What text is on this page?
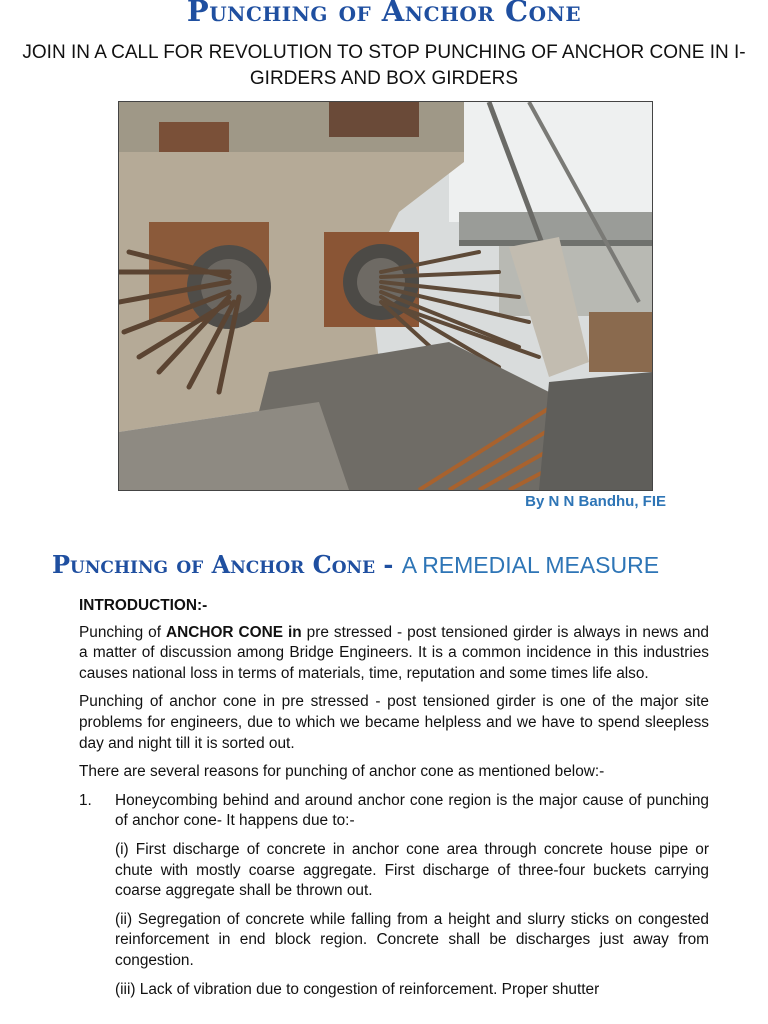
Punching of Anchor Cone

JOIN IN A CALL FOR REVOLUTION TO STOP PUNCHING OF ANCHOR CONE IN I-GIRDERS AND BOX GIRDERS

By N N Bandhu, FIE
Punching of Anchor Cone - A REMEDIAL MEASURE

INTRODUCTION:-

Punching of ANCHOR CONE in pre stressed - post tensioned girder is always in news and a matter of discussion among Bridge Engineers. It is a common incidence in this industries causes national loss in terms of materials, time, reputation and some times life also.

Punching of anchor cone in pre stressed - post tensioned girder is one of the major site problems for engineers, due to which we became helpless and we have to spend sleepless day and night till it is sorted out.

There are several reasons for punching of anchor cone as mentioned below:-

1.	Honeycombing behind and around anchor cone region is the major cause of punching of anchor cone- It happens due to:-

(i) First discharge of concrete in anchor cone area through concrete house pipe or chute with mostly coarse aggregate. First discharge of three-four buckets carrying coarse aggregate shall be thrown out.

(ii) Segregation of concrete while falling from a height and slurry sticks on congested reinforcement in end block region. Concrete shall be discharges just away from congestion.

(iii) Lack of vibration due to congestion of reinforcement. Proper shutter
